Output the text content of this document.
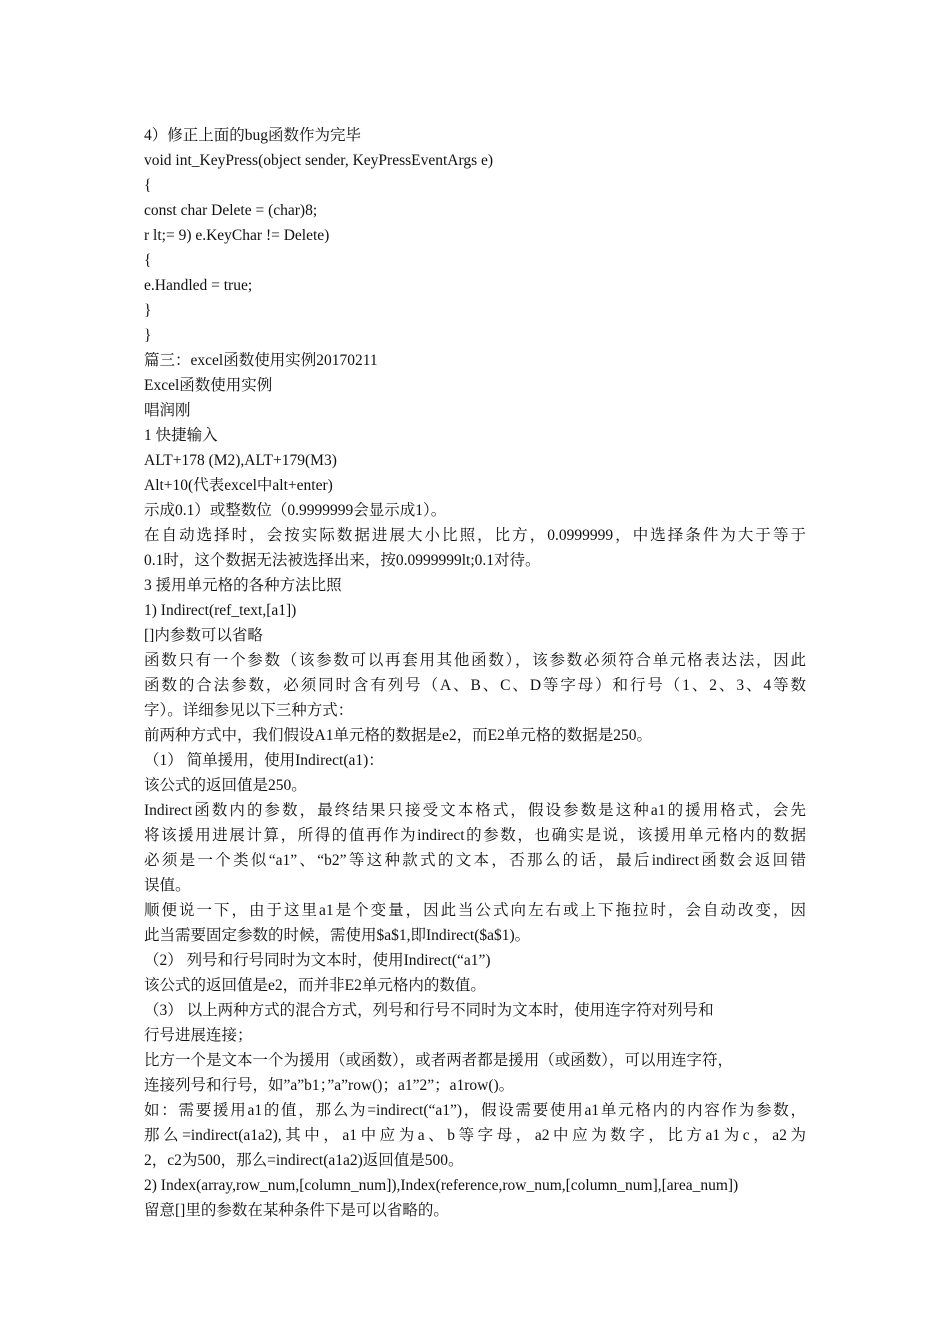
4）修正上面的bug函数作为完毕
void int_KeyPress(object sender, KeyPressEventArgs e)
{
const char Delete = (char)8;
r lt;= 9) e.KeyChar != Delete)
{
e.Handled = true;
}
}
篇三：excel函数使用实例20170211
Excel函数使用实例
唱润刚
1 快捷输入
ALT+178 (M2),ALT+179(M3)
Alt+10(代表excel中alt+enter)
示成0.1）或整数位（0.9999999会显示成1）。
在自动选择时，会按实际数据进展大小比照，比方，0.0999999，中选择条件为大于等于
0.1时，这个数据无法被选择出来，按0.0999999lt;0.1对待。
3 援用单元格的各种方法比照
1) Indirect(ref_text,[a1])
[]内参数可以省略
函数只有一个参数（该参数可以再套用其他函数），该参数必须符合单元格表达法，因此
函数的合法参数，必须同时含有列号（A、B、C、D等字母）和行号（1、2、3、4等数
字）。详细参见以下三种方式：
前两种方式中，我们假设A1单元格的数据是e2，而E2单元格的数据是250。
（1） 简单援用，使用Indirect(a1)：
该公式的返回值是250。
Indirect函数内的参数，最终结果只接受文本格式，假设参数是这种a1的援用格式，会先
将该援用进展计算，所得的值再作为indirect的参数，也确实是说，该援用单元格内的数据
必须是一个类似“a1”、“b2”等这种款式的文本，否那么的话，最后indirect函数会返回错
误值。
顺便说一下，由于这里a1是个变量，因此当公式向左右或上下拖拉时，会自动改变，因
此当需要固定参数的时候，需使用$a$1,即Indirect($a$1)。
（2） 列号和行号同时为文本时，使用Indirect(“a1”)
该公式的返回值是e2，而并非E2单元格内的数值。
（3） 以上两种方式的混合方式，列号和行号不同时为文本时，使用连字符对列号和
行号进展连接；
比方一个是文本一个为援用（或函数），或者两者都是援用（或函数），可以用连字符，
连接列号和行号，如”a”b1；”a”row()；a1”2”；a1row()。
如：需要援用a1的值，那么为=indirect(“a1”)，假设需要使用a1单元格内的内容作为参数，
那么=indirect(a1a2),其中，a1中应为a、b等字母，a2中应为数字，比方a1为c，a2为
2，c2为500，那么=indirect(a1a2)返回值是500。
2) Index(array,row_num,[column_num]),Index(reference,row_num,[column_num],[area_num])
留意[]里的参数在某种条件下是可以省略的。
